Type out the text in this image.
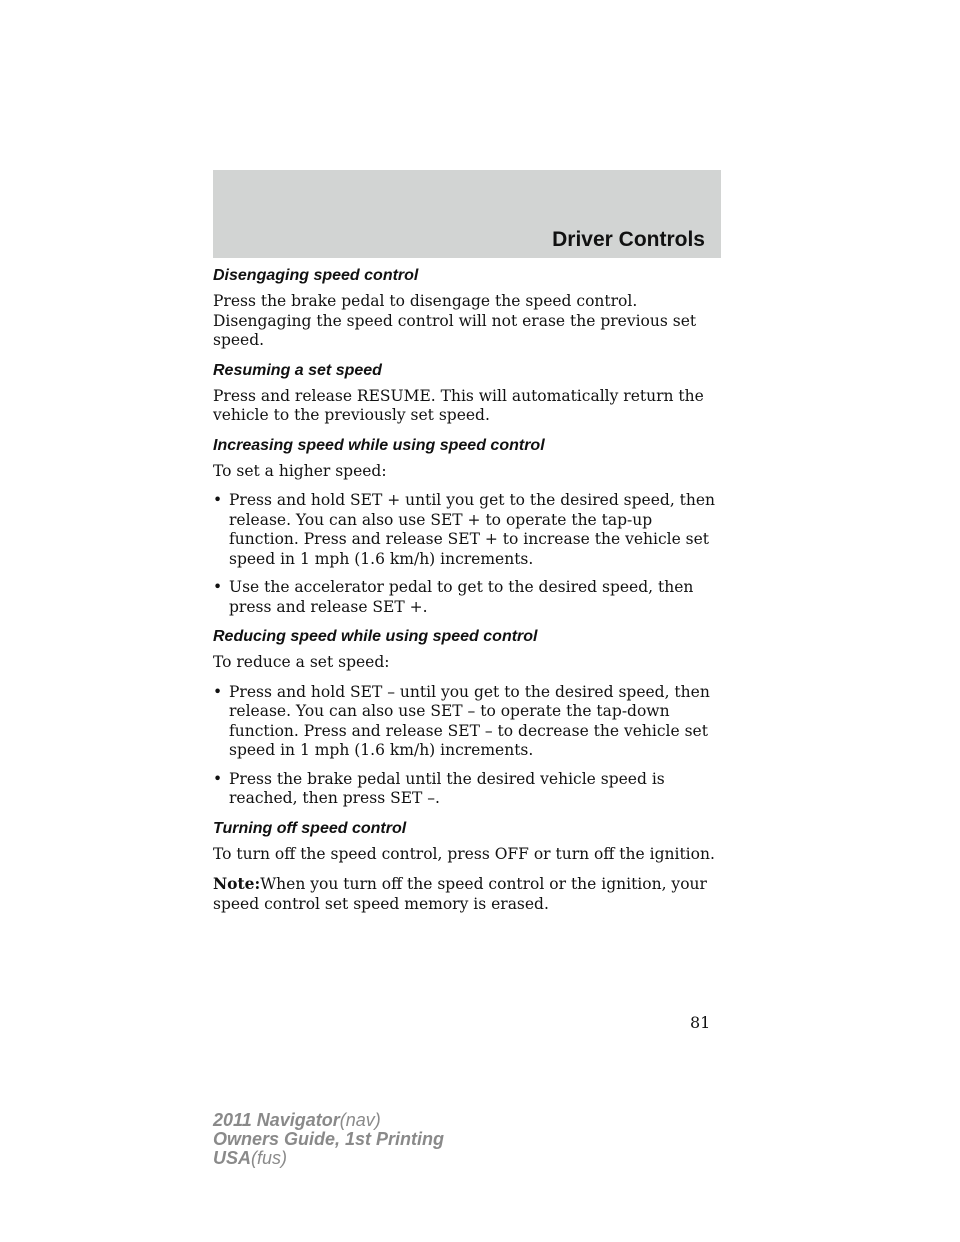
Driver Controls
Disengaging speed control

Press the brake pedal to disengage the speed control. Disengaging the speed control will not erase the previous set speed.

Resuming a set speed

Press and release RESUME. This will automatically return the vehicle to the previously set speed.

Increasing speed while using speed control

To set a higher speed:

• Press and hold SET + until you get to the desired speed, then release. You can also use SET + to operate the tap-up function. Press and release SET + to increase the vehicle set speed in 1 mph (1.6 km/h) increments.
• Use the accelerator pedal to get to the desired speed, then press and release SET +.
Reducing speed while using speed control

To reduce a set speed:

• Press and hold SET – until you get to the desired speed, then release. You can also use SET – to operate the tap-down function. Press and release SET – to decrease the vehicle set speed in 1 mph (1.6 km/h) increments.
• Press the brake pedal until the desired vehicle speed is reached, then press SET –.
Turning off speed control

To turn off the speed control, press OFF or turn off the ignition.

Note:When you turn off the speed control or the ignition, your speed control set speed memory is erased.

81
2011 Navigator(nav)
Owners Guide, 1st Printing
USA(fus)
